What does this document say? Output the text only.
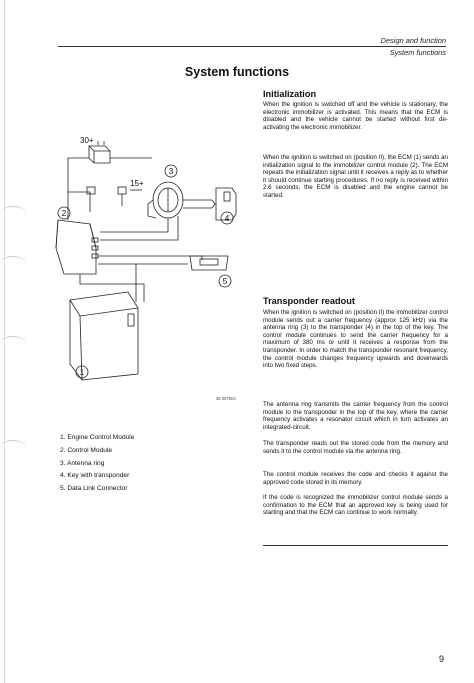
Design and function
System functions
System functions
2
3
4
5
1
30+
15+
36 00750A
1. Engine Control Module
2. Control Module
3. Antenna ring
4. Key with transponder
5. Data Link Connector
Initialization

When the ignition is switched off and the vehicle is stationary, the electronic immobilizer is activated. This means that the ECM is disabled and the vehicle cannot be started without first de-activating the electronic immobilizer.

When the ignition is switched on (position II), the ECM (1) sends an initialization signal to the immobilizer control module (2). The ECM repeats the initialization signal until it receives a reply as to whether it should continue starting procedures. If no reply is received within 2.6 seconds, the ECM is disabled and the engine cannot be started.

Transponder readout

When the ignition is switched on (position II) the immobilizer control module sends out a carrier frequency (approx 125 kHz) via the antenna ring (3) to the transponder (4) in the top of the key. The control module continues to send the carrier frequency for a maximum of 380 ms or until it receives a response from the transponder. In order to match the transponder resonant frequency, the control module changes frequency upwards and downwards into two fixed steps.

The antenna ring transmits the carrier frequency from the control module to the transponder in the top of the key, where the carrier frequency activates a resonator circuit which in turn activates an integrated-circuit.

The transponder reads out the stored code from the memory and sends it to the control module via the antenna ring.

The control module receives the code and checks it against the approved code stored in its memory.

If the code is recognized the immobilizer control module sends a confirmation to the ECM that an approved key is being used for starting and that the ECM can continue to work normally.

9
